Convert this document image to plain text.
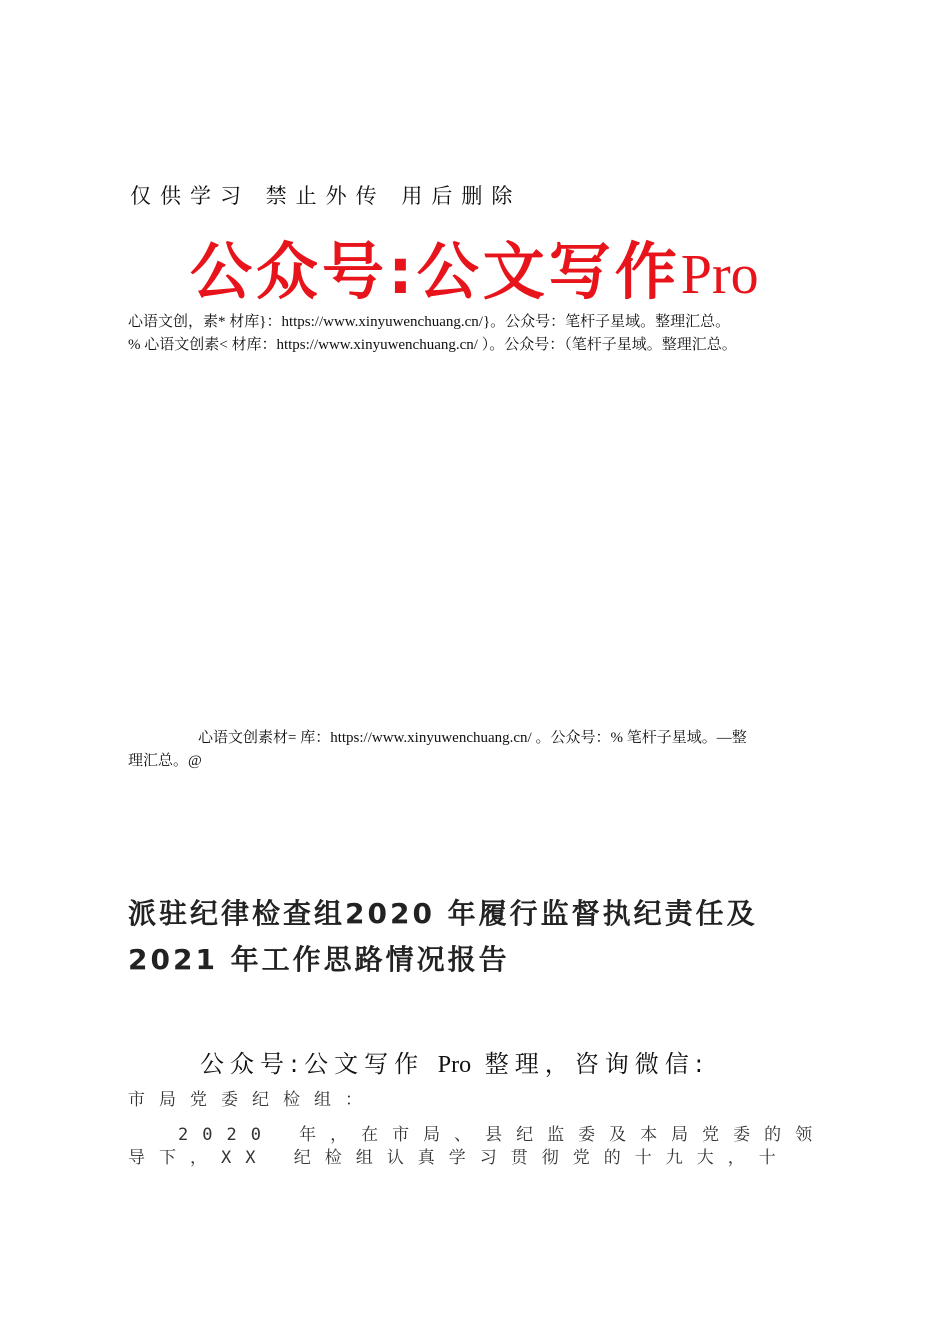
仅供学习 禁止外传 用后删除
公众号:公文写作Pro
心语文创，素* 材库}：https://www.xinyuwenchuang.cn/}。公众号：笔杆子星域。整理汇总。
% 心语文创素< 材库：https://www.xinyuwenchuang.cn/ ）。公众号：（笔杆子星域。整理汇总。
心语文创素材= 库：https://www.xinyuwenchuang.cn/ 。公众号：% 笔杆子星域。—整
理汇总。@
派驻纪律检查组2020 年履行监督执纪责任及
2021 年工作思路情况报告
公众号:公文写作 Pro 整理，咨询微信:
市局党委纪检组：
2020 年，在市局、县纪监委及本局党委的领
导下，XX 纪检组认真学习贯彻党的十九大，十
